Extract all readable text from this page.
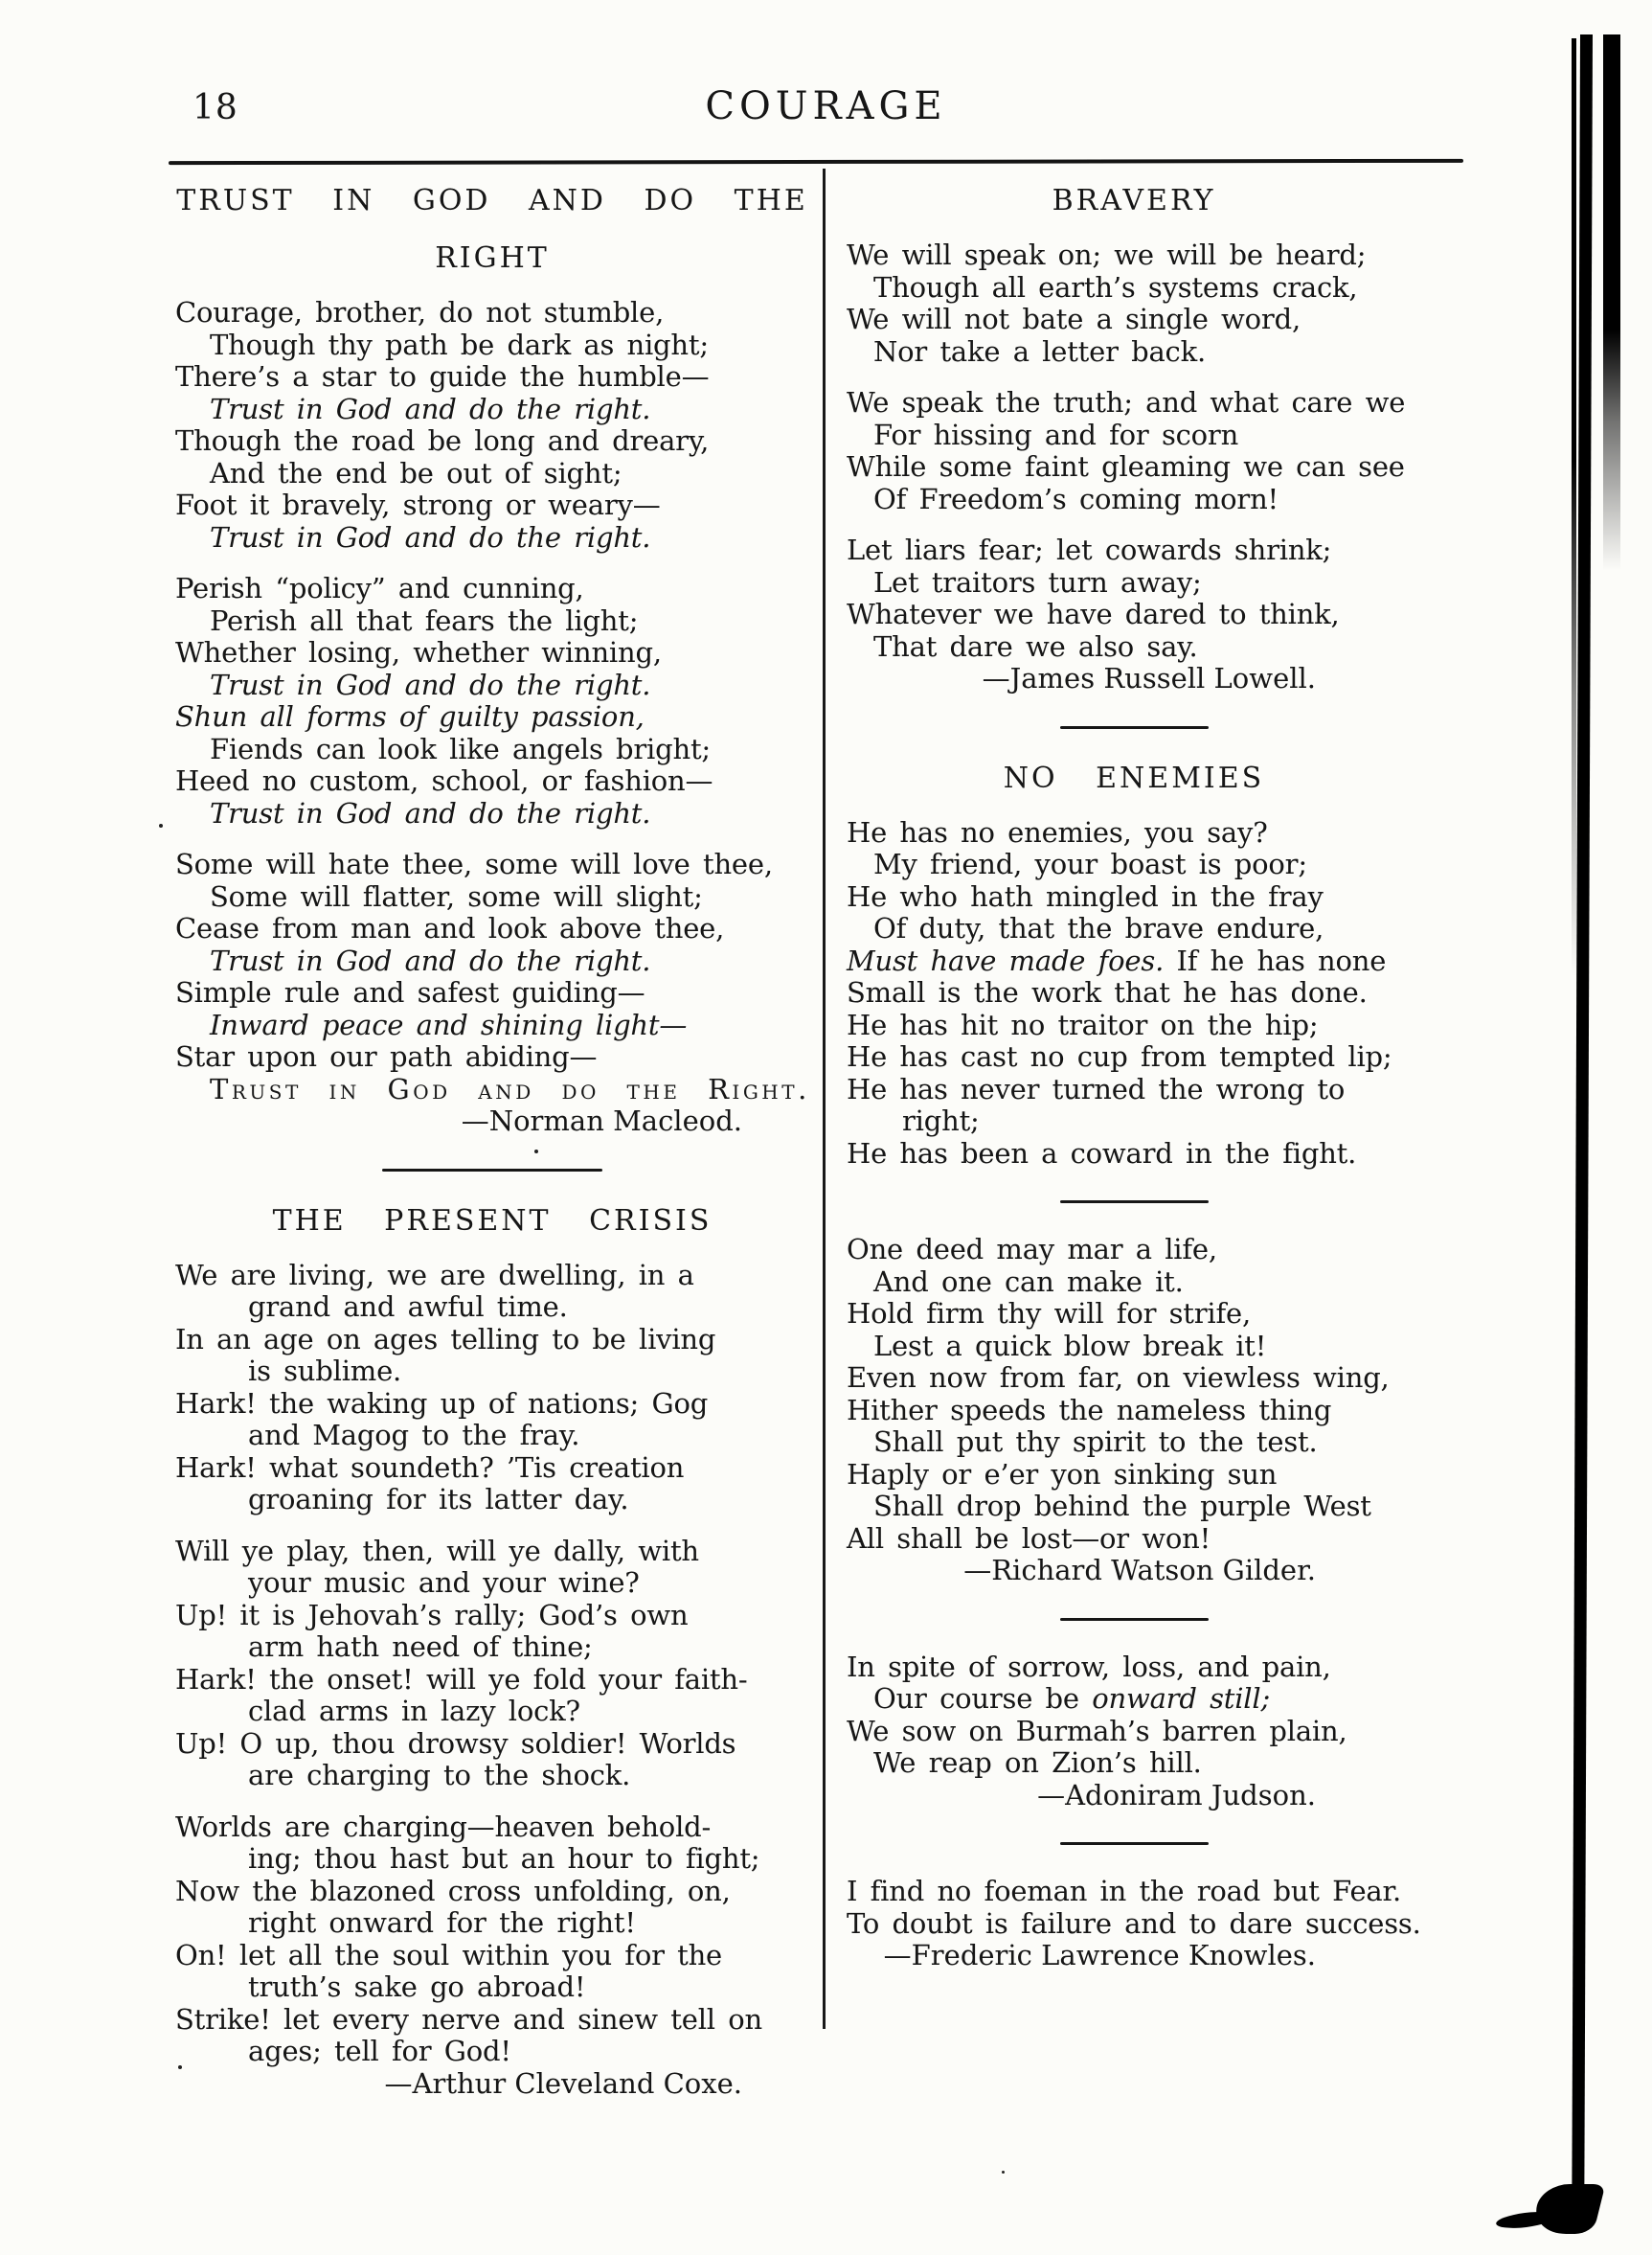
18	COURAGE
TRUST IN GOD AND DO THE
RIGHT
Courage, brother, do not stumble,
Though thy path be dark as night;
There’s a star to guide the humble—
Trust in God and do the right.
Though the road be long and dreary,
And the end be out of sight;
Foot it bravely, strong or weary—
Trust in God and do the right.
Perish “policy” and cunning,
Perish all that fears the light;
Whether losing, whether winning,
Trust in God and do the right.
Shun all forms of guilty passion,
Fiends can look like angels bright;
Heed no custom, school, or fashion—
Trust in God and do the right.
Some will hate thee, some will love thee,
Some will flatter, some will slight;
Cease from man and look above thee,
Trust in God and do the right.
Simple rule and safest guiding—
Inward peace and shining light—
Star upon our path abiding—
Trust in God and do the Right.
—Norman Macleod.
THE PRESENT CRISIS
We are living, we are dwelling, in a
grand and awful time.
In an age on ages telling to be living
is sublime.
Hark! the waking up of nations; Gog
and Magog to the fray.
Hark! what soundeth? ’Tis creation
groaning for its latter day.
Will ye play, then, will ye dally, with
your music and your wine?
Up! it is Jehovah’s rally; God’s own
arm hath need of thine;
Hark! the onset! will ye fold your faith-
clad arms in lazy lock?
Up! O up, thou drowsy soldier! Worlds
are charging to the shock.
Worlds are charging—heaven behold-
ing; thou hast but an hour to fight;
Now the blazoned cross unfolding, on,
right onward for the right!
On! let all the soul within you for the
truth’s sake go abroad!
Strike! let every nerve and sinew tell on
ages; tell for God!
—Arthur Cleveland Coxe.
BRAVERY
We will speak on; we will be heard;
Though all earth’s systems crack,
We will not bate a single word,
Nor take a letter back.
We speak the truth; and what care we
For hissing and for scorn
While some faint gleaming we can see
Of Freedom’s coming morn!
Let liars fear; let cowards shrink;
Let traitors turn away;
Whatever we have dared to think,
That dare we also say.
—James Russell Lowell.
NO ENEMIES
He has no enemies, you say?
My friend, your boast is poor;
He who hath mingled in the fray
Of duty, that the brave endure,
Must have made foes. If he has none
Small is the work that he has done.
He has hit no traitor on the hip;
He has cast no cup from tempted lip;
He has never turned the wrong to
right;
He has been a coward in the fight.
One deed may mar a life,
And one can make it.
Hold firm thy will for strife,
Lest a quick blow break it!
Even now from far, on viewless wing,
Hither speeds the nameless thing
Shall put thy spirit to the test.
Haply or e’er yon sinking sun
Shall drop behind the purple West
All shall be lost—or won!
—Richard Watson Gilder.
In spite of sorrow, loss, and pain,
Our course be onward still;
We sow on Burmah’s barren plain,
We reap on Zion’s hill.
—Adoniram Judson.
I find no foeman in the road but Fear.
To doubt is failure and to dare success.
—Frederic Lawrence Knowles.
